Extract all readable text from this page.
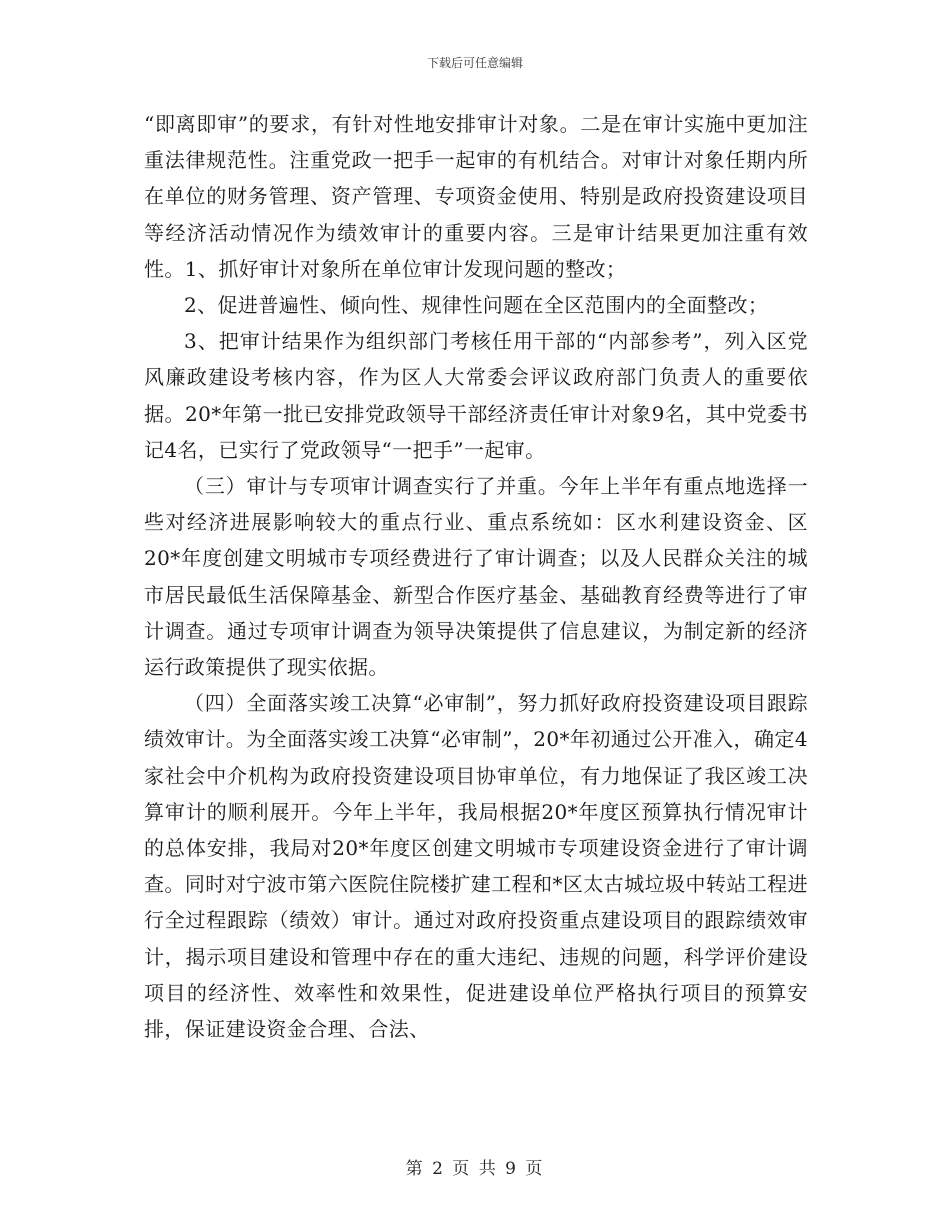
下载后可任意编辑

“即离即审”的要求，有针对性地安排审计对象。二是在审计实施中更加注重法律规范性。注重党政一把手一起审的有机结合。对审计对象任期内所在单位的财务管理、资产管理、专项资金使用、特别是政府投资建设项目等经济活动情况作为绩效审计的重要内容。三是审计结果更加注重有效性。1、抓好审计对象所在单位审计发现问题的整改；

2、促进普遍性、倾向性、规律性问题在全区范围内的全面整改；

3、把审计结果作为组织部门考核任用干部的“内部参考”，列入区党风廉政建设考核内容，作为区人大常委会评议政府部门负责人的重要依据。20*年第一批已安排党政领导干部经济责任审计对象9名，其中党委书记4名，已实行了党政领导“一把手”一起审。

（三）审计与专项审计调查实行了并重。今年上半年有重点地选择一些对经济进展影响较大的重点行业、重点系统如：区水利建设资金、区20*年度创建文明城市专项经费进行了审计调查；以及人民群众关注的城市居民最低生活保障基金、新型合作医疗基金、基础教育经费等进行了审计调查。通过专项审计调查为领导决策提供了信息建议，为制定新的经济运行政策提供了现实依据。

（四）全面落实竣工决算“必审制”，努力抓好政府投资建设项目跟踪绩效审计。为全面落实竣工决算“必审制”，20*年初通过公开准入，确定4家社会中介机构为政府投资建设项目协审单位，有力地保证了我区竣工决算审计的顺利展开。今年上半年，我局根据20*年度区预算执行情况审计的总体安排，我局对20*年度区创建文明城市专项建设资金进行了审计调查。同时对宁波市第六医院住院楼扩建工程和*区太古城垃圾中转站工程进行全过程跟踪（绩效）审计。通过对政府投资重点建设项目的跟踪绩效审计，揭示项目建设和管理中存在的重大违纪、违规的问题，科学评价建设项目的经济性、效率性和效果性，促进建设单位严格执行项目的预算安排，保证建设资金合理、合法、

第 2 页 共 9 页
